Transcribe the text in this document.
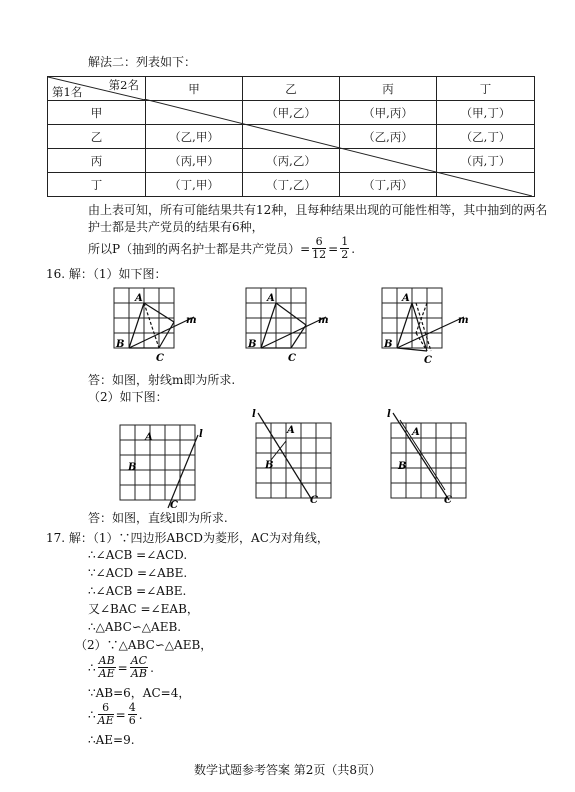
解法二：列表如下：
第2名
第1名	甲	乙	丙	丁
甲		（甲,乙）	（甲,丙）	（甲,丁）
乙	（乙,甲）		（乙,丙）	（乙,丁）
丙	（丙,甲）	（丙,乙）		（丙,丁）
丁	（丁,甲）	（丁,乙）	（丁,丙）	
由上表可知，所有可能结果共有12种，且每种结果出现的可能性相等，其中抽到的两名
护士都是共产党员的结果有6种，
所以P（抽到的两名护士都是共产党员）= $\frac{6}{12} = \frac{1}{2}$ .
16. 解：（1）如下图：
A
B
C
m
A
B
C
m
A
B
C
m
答：如图，射线m即为所求.
（2）如下图：
A
B
C
l	A
B
C
l
A
B
C
l
答：如图，直线l即为所求.
17. 解：（1）∵四边形ABCD为菱形，AC为对角线，
∴∠ACB =∠ACD.
∵∠ACD =∠ABE.
∴∠ACB =∠ABE.
又∠BAC =∠EAB，
∴△ABC∽△AEB.
（2）∵△ABC∽△AEB，
∴ $\frac{AB}{AE} = \frac{AC}{AB}$ .
∵AB=6，AC=4，
∴ $\frac{6}{AE} = \frac{4}{6}$ .
∴AE=9.
数学试题参考答案 第2页（共8页）
